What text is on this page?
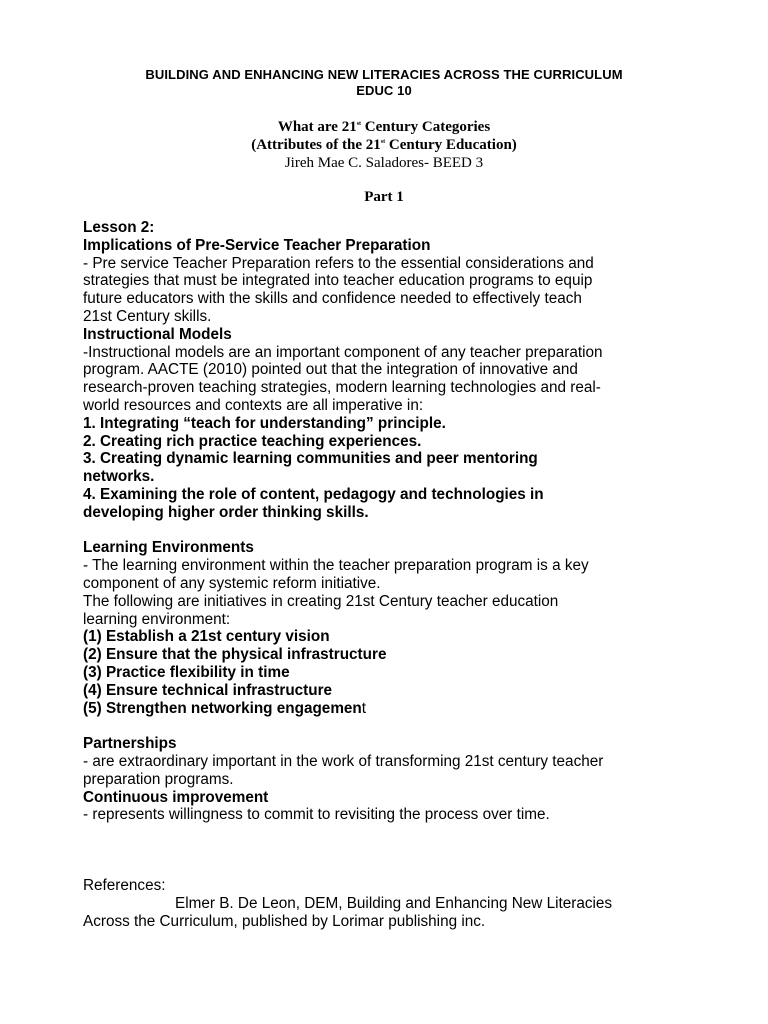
BUILDING AND ENHANCING NEW LITERACIES ACROSS THE CURRICULUM
EDUC 10
What are 21st Century Categories
(Attributes of the 21st Century Education)
Jireh Mae C. Saladores- BEED 3
Part 1

Lesson 2:

Implications of Pre-Service Teacher Preparation

- Pre service Teacher Preparation refers to the essential considerations and

strategies that must be integrated into teacher education programs to equip

future educators with the skills and confidence needed to effectively teach

21st Century skills.

Instructional Models

-Instructional models are an important component of any teacher preparation

program. AACTE (2010) pointed out that the integration of innovative and

research-proven teaching strategies, modern learning technologies and real-

world resources and contexts are all imperative in:

1. Integrating “teach for understanding” principle.

2. Creating rich practice teaching experiences.

3. Creating dynamic learning communities and peer mentoring

networks.

4. Examining the role of content, pedagogy and technologies in

developing higher order thinking skills.

Learning Environments

- The learning environment within the teacher preparation program is a key

component of any systemic reform initiative.

The following are initiatives in creating 21st Century teacher education

learning environment:

(1) Establish a 21st century vision

(2) Ensure that the physical infrastructure

(3) Practice flexibility in time

(4) Ensure technical infrastructure

(5) Strengthen networking engagement

Partnerships

- are extraordinary important in the work of transforming 21st century teacher

preparation programs.

Continuous improvement

- represents willingness to commit to revisiting the process over time.

References:

Elmer B. De Leon, DEM, Building and Enhancing New Literacies

Across the Curriculum, published by Lorimar publishing inc.
